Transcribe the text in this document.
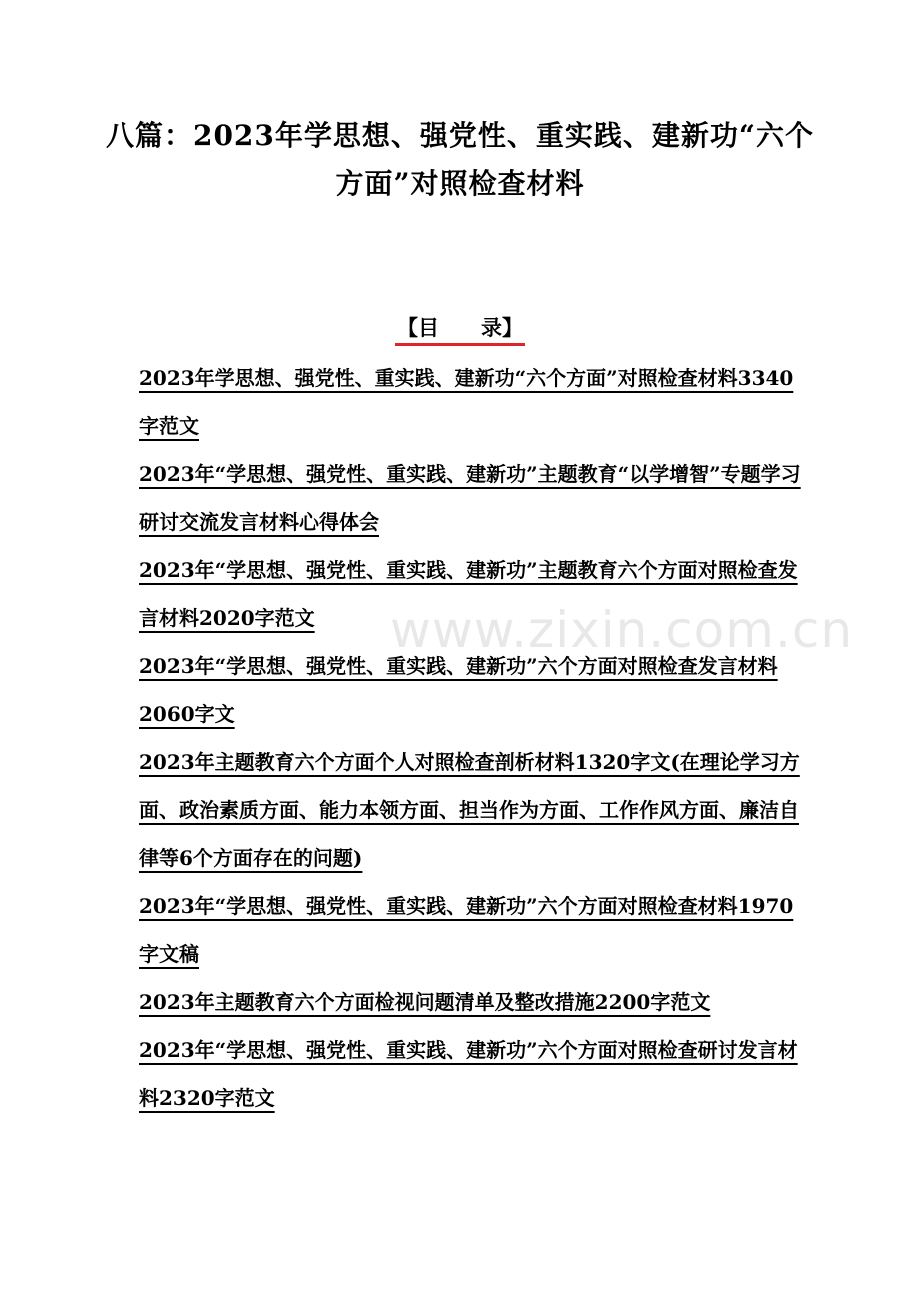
八篇：2023年学思想、强党性、重实践、建新功“六个方面”对照检查材料
【目　　录】
2023年学思想、强党性、重实践、建新功“六个方面”对照检查材料3340字范文
2023年“学思想、强党性、重实践、建新功”主题教育“以学增智”专题学习研讨交流发言材料心得体会
2023年“学思想、强党性、重实践、建新功”主题教育六个方面对照检查发言材料2020字范文
2023年“学思想、强党性、重实践、建新功”六个方面对照检查发言材料2060字文
2023年主题教育六个方面个人对照检查剖析材料1320字文(在理论学习方面、政治素质方面、能力本领方面、担当作为方面、工作作风方面、廉洁自律等6个方面存在的问题)
2023年“学思想、强党性、重实践、建新功”六个方面对照检查材料1970字文稿
2023年主题教育六个方面检视问题清单及整改措施2200字范文
2023年“学思想、强党性、重实践、建新功”六个方面对照检查研讨发言材料2320字范文
www.zixin.com.cn
